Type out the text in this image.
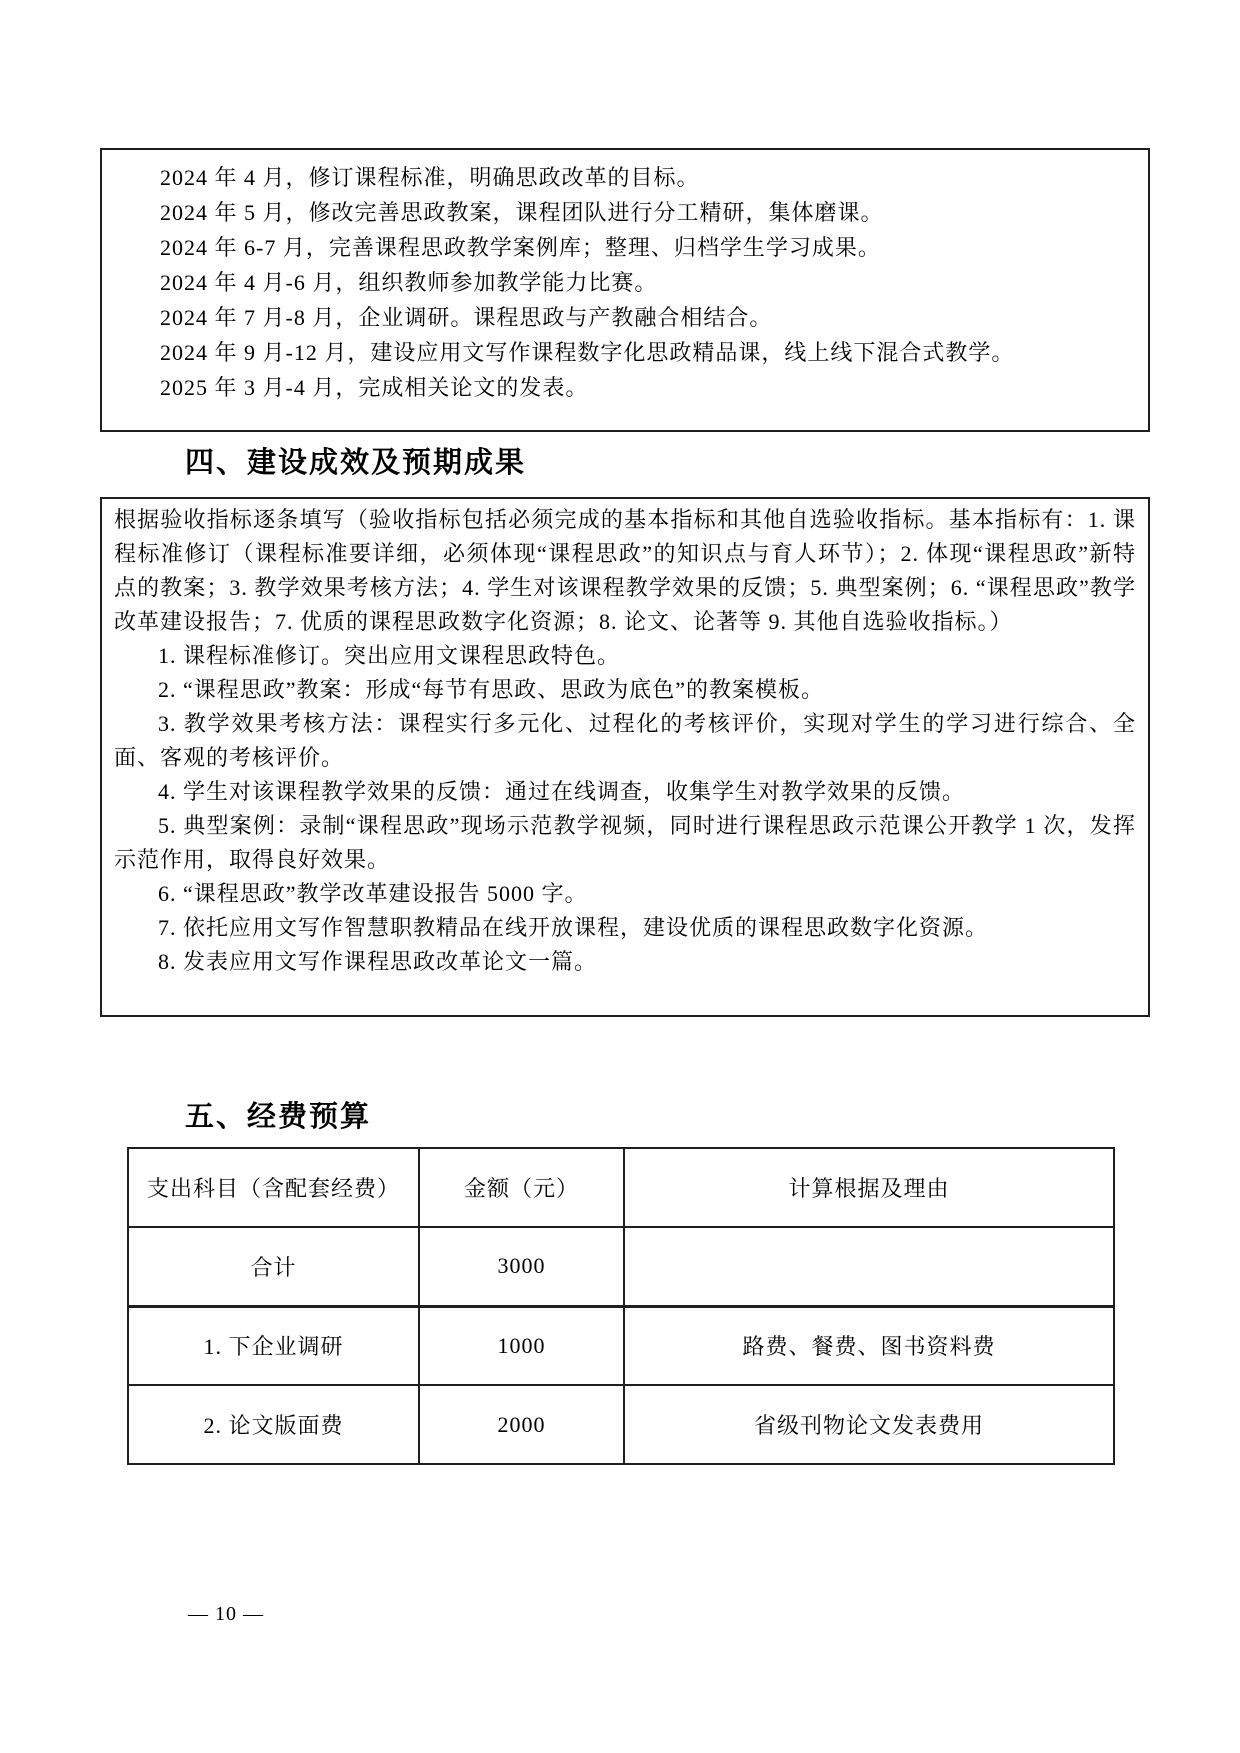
2024 年 4 月，修订课程标准，明确思政改革的目标。

2024 年 5 月，修改完善思政教案，课程团队进行分工精研，集体磨课。

2024 年 6-7 月，完善课程思政教学案例库；整理、归档学生学习成果。

2024 年 4 月-6 月，组织教师参加教学能力比赛。

2024 年 7 月-8 月，企业调研。课程思政与产教融合相结合。

2024 年 9 月-12 月，建设应用文写作课程数字化思政精品课，线上线下混合式教学。

2025 年 3 月-4 月，完成相关论文的发表。

四、建设成效及预期成果

根据验收指标逐条填写（验收指标包括必须完成的基本指标和其他自选验收指标。基本指标有：1. 课程标准修订（课程标准要详细，必须体现“课程思政”的知识点与育人环节）；2. 体现“课程思政”新特点的教案；3. 教学效果考核方法；4. 学生对该课程教学效果的反馈；5. 典型案例；6. “课程思政”教学改革建设报告；7. 优质的课程思政数字化资源；8. 论文、论著等 9. 其他自选验收指标。）

1. 课程标准修订。突出应用文课程思政特色。

2. “课程思政”教案：形成“每节有思政、思政为底色”的教案模板。

3. 教学效果考核方法：课程实行多元化、过程化的考核评价，实现对学生的学习进行综合、全面、客观的考核评价。

4. 学生对该课程教学效果的反馈：通过在线调查，收集学生对教学效果的反馈。

5. 典型案例：录制“课程思政”现场示范教学视频，同时进行课程思政示范课公开教学 1 次，发挥示范作用，取得良好效果。

6. “课程思政”教学改革建设报告 5000 字。

7. 依托应用文写作智慧职教精品在线开放课程，建设优质的课程思政数字化资源。

8. 发表应用文写作课程思政改革论文一篇。

五、经费预算
支出科目（含配套经费）	金额（元）	计算根据及理由
合计	3000	
1. 下企业调研	1000	路费、餐费、图书资料费
2. 论文版面费	2000	省级刊物论文发表费用
— 10 —
